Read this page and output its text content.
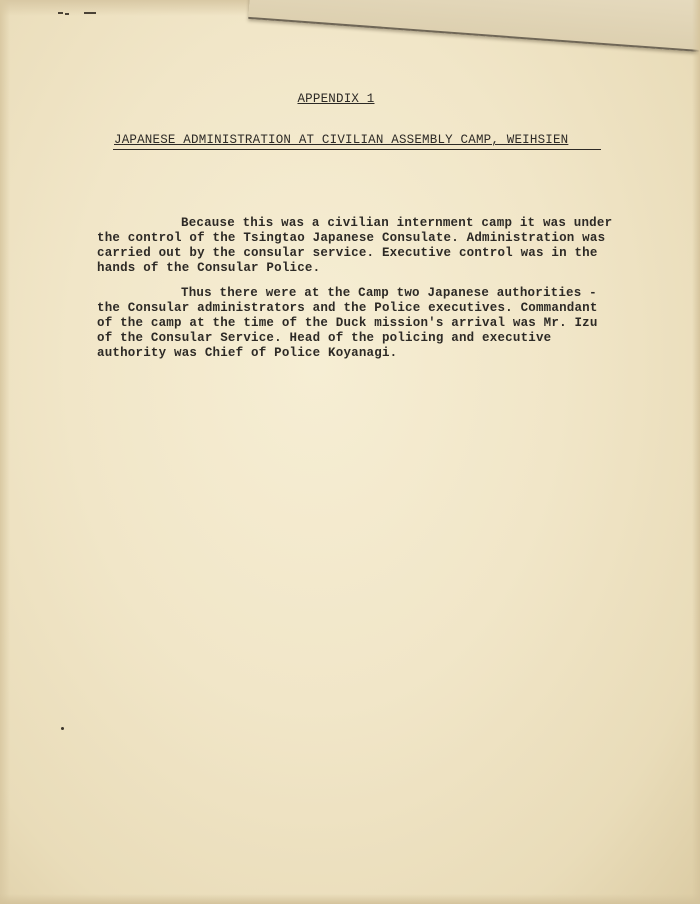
APPENDIX 1
JAPANESE ADMINISTRATION AT CIVILIAN ASSEMBLY CAMP, WEIHSIEN
Because this was a civilian internment camp it was under
the control of the Tsingtao Japanese Consulate. Administration was
carried out by the consular service. Executive control was in the
hands of the Consular Police.
Thus there were at the Camp two Japanese authorities -
the Consular administrators and the Police executives. Commandant
of the camp at the time of the Duck mission's arrival was Mr. Izu
of the Consular Service. Head of the policing and executive
authority was Chief of Police Koyanagi.
